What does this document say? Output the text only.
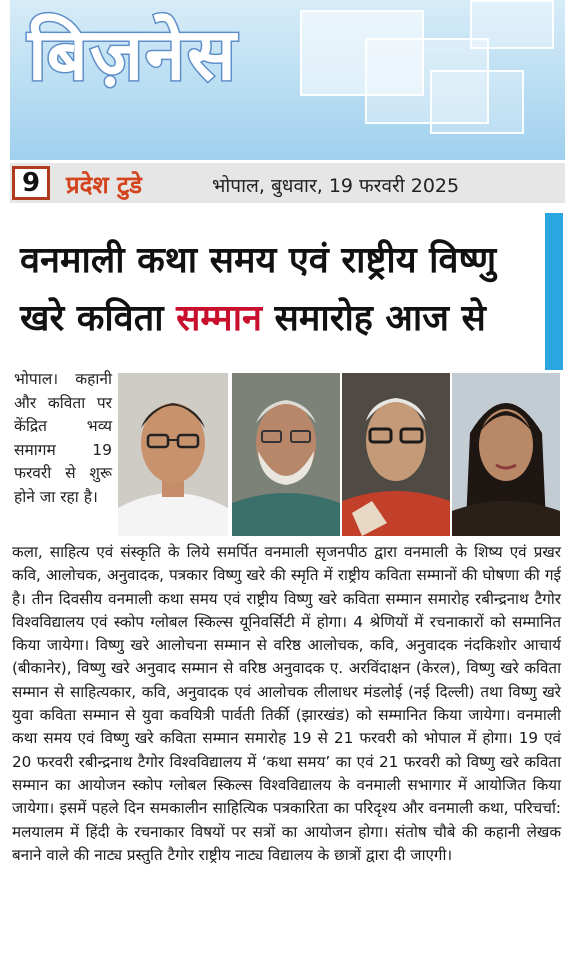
बिज़नेस
9	प्रदेश टुडे	भोपाल, बुधवार, 19 फरवरी 2025
वनमाली कथा समय एवं राष्ट्रीय विष्णु खरे कविता सम्मान समारोह आज से
भोपाल। कहानी और कविता पर केंद्रित भव्य समागम 19 फरवरी से शुरू होने जा रहा है।
कला, साहित्य एवं संस्कृति के लिये समर्पित वनमाली सृजनपीठ द्वारा वनमाली के शिष्य एवं प्रखर कवि, आलोचक, अनुवादक, पत्रकार विष्णु खरे की स्मृति में राष्ट्रीय कविता सम्मानों की घोषणा की गई है। तीन दिवसीय वनमाली कथा समय एवं राष्ट्रीय विष्णु खरे कविता सम्मान समारोह रबीन्द्रनाथ टैगोर विश्वविद्यालय एवं स्कोप ग्लोबल स्किल्स यूनिवर्सिटी में होगा। 4 श्रेणियों में रचनाकारों को सम्मानित किया जायेगा। विष्णु खरे आलोचना सम्मान से वरिष्ठ आलोचक, कवि, अनुवादक नंदकिशोर आचार्य (बीकानेर), विष्णु खरे अनुवाद सम्मान से वरिष्ठ अनुवादक ए. अरविंदाक्षन (केरल), विष्णु खरे कविता सम्मान से साहित्यकार, कवि, अनुवादक एवं आलोचक लीलाधर मंडलोई (नई दिल्ली) तथा विष्णु खरे युवा कविता सम्मान से युवा कवयित्री पार्वती तिर्की (झारखंड) को सम्मानित किया जायेगा। वनमाली कथा समय एवं विष्णु खरे कविता सम्मान समारोह 19 से 21 फरवरी को भोपाल में होगा। 19 एवं 20 फरवरी रबीन्द्रनाथ टैगोर विश्वविद्यालय में ‘कथा समय’ का एवं 21 फरवरी को विष्णु खरे कविता सम्मान का आयोजन स्कोप ग्लोबल स्किल्स विश्वविद्यालय के वनमाली सभागार में आयोजित किया जायेगा। इसमें पहले दिन समकालीन साहित्यिक पत्रकारिता का परिदृश्य और वनमाली कथा, परिचर्चा: मलयालम में हिंदी के रचनाकार विषयों पर सत्रों का आयोजन होगा। संतोष चौबे की कहानी लेखक बनाने वाले की नाट्य प्रस्तुति टैगोर राष्ट्रीय नाट्य विद्यालय के छात्रों द्वारा दी जाएगी।
